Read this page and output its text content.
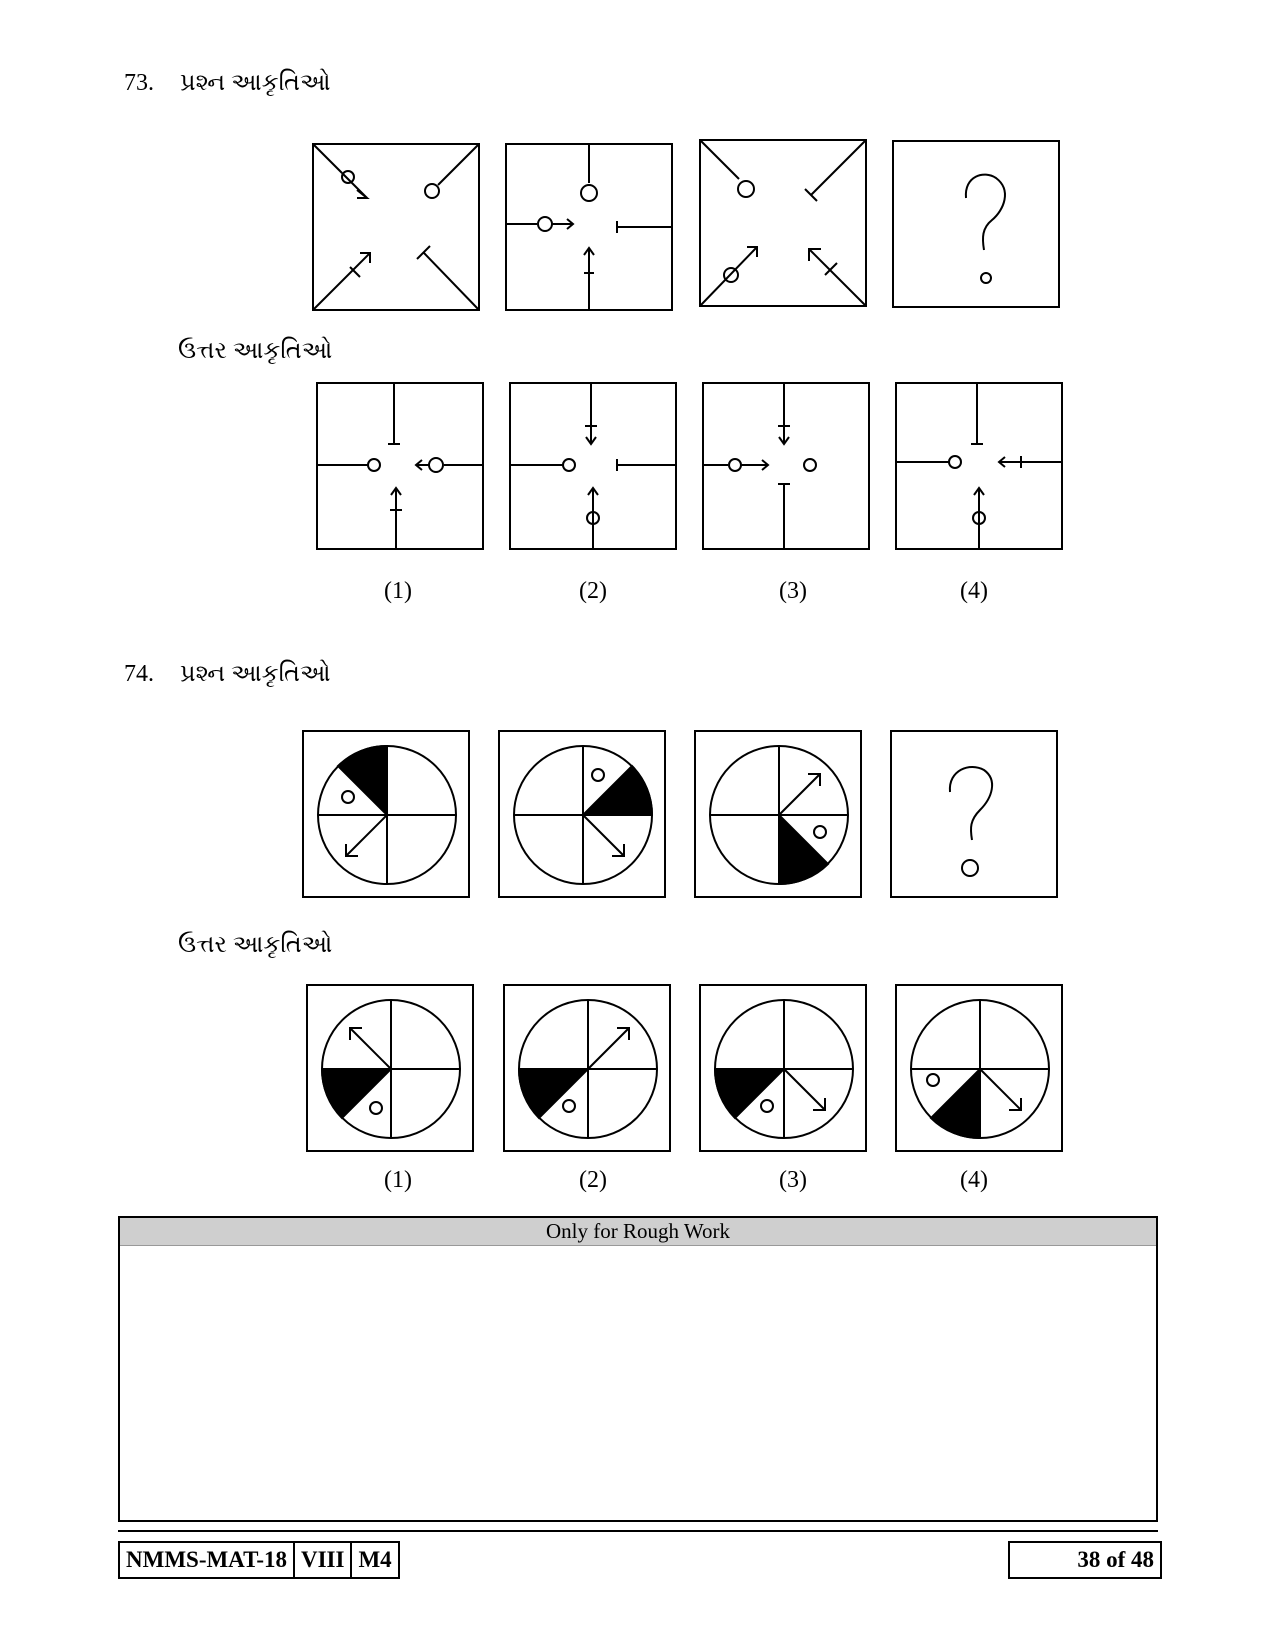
73. પ્રશ્ન આકૃતિઓ
ઉત્તર આકૃતિઓ
(1)	(2)	(3)	(4)
74. પ્રશ્ન આકૃતિઓ
ઉત્તર આકૃતિઓ
(1)	(2)	(3)	(4)
Only for Rough Work
NMMS-MAT-18 VIII M4	38 of 48
